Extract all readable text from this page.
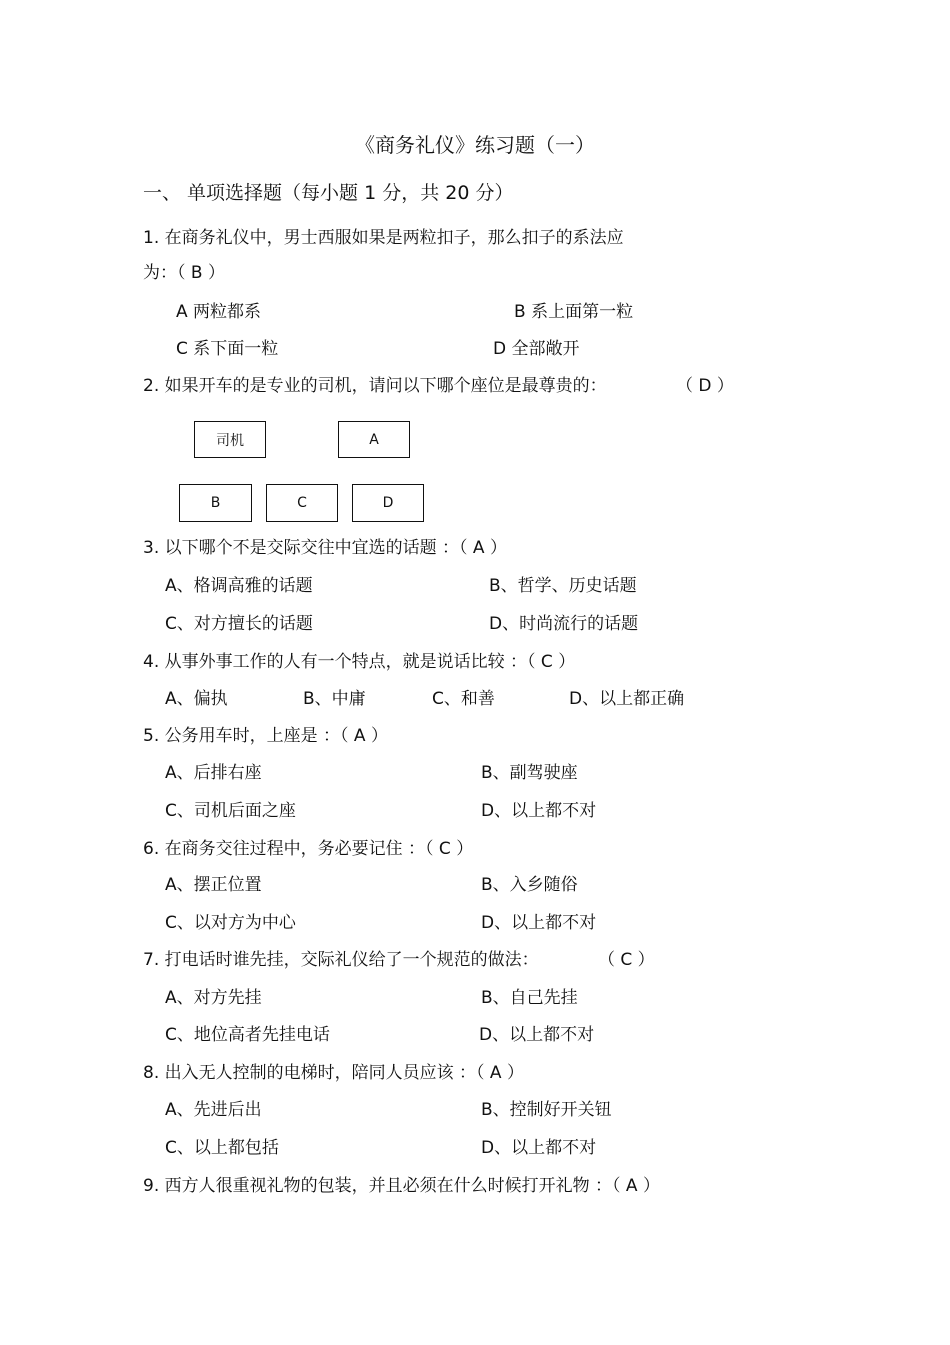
《商务礼仪》练习题（一）
一、 单项选择题（每小题 1 分，共 20 分）
1. 在商务礼仪中，男士西服如果是两粒扣子，那么扣子的系法应
为：（ B ）
A 两粒都系	B 系上面第一粒
C 系下面一粒	D 全部敞开
2. 如果开车的是专业的司机，请问以下哪个座位是最尊贵的：	（ D ）
司机	A
B	C	D
3. 以下哪个不是交际交往中宜选的话题 ：（ A ）
A、格调高雅的话题	B、哲学、历史话题
C、对方擅长的话题	D、时尚流行的话题
4. 从事外事工作的人有一个特点，就是说话比较 ：（ C ）
A、偏执	B、中庸	C、和善	D、以上都正确
5. 公务用车时，上座是 ：（ A ）
A、后排右座	B、副驾驶座
C、司机后面之座	D、以上都不对
6. 在商务交往过程中，务必要记住 ：（ C ）
A、摆正位置	B、入乡随俗
C、以对方为中心	D、以上都不对
7. 打电话时谁先挂，交际礼仪给了一个规范的做法：	（ C ）
A、对方先挂	B、自己先挂
C、地位高者先挂电话	D、以上都不对
8. 出入无人控制的电梯时，陪同人员应该 ：（ A ）
A、先进后出	B、控制好开关钮
C、以上都包括	D、以上都不对
9. 西方人很重视礼物的包装，并且必须在什么时候打开礼物 ：（ A ）
